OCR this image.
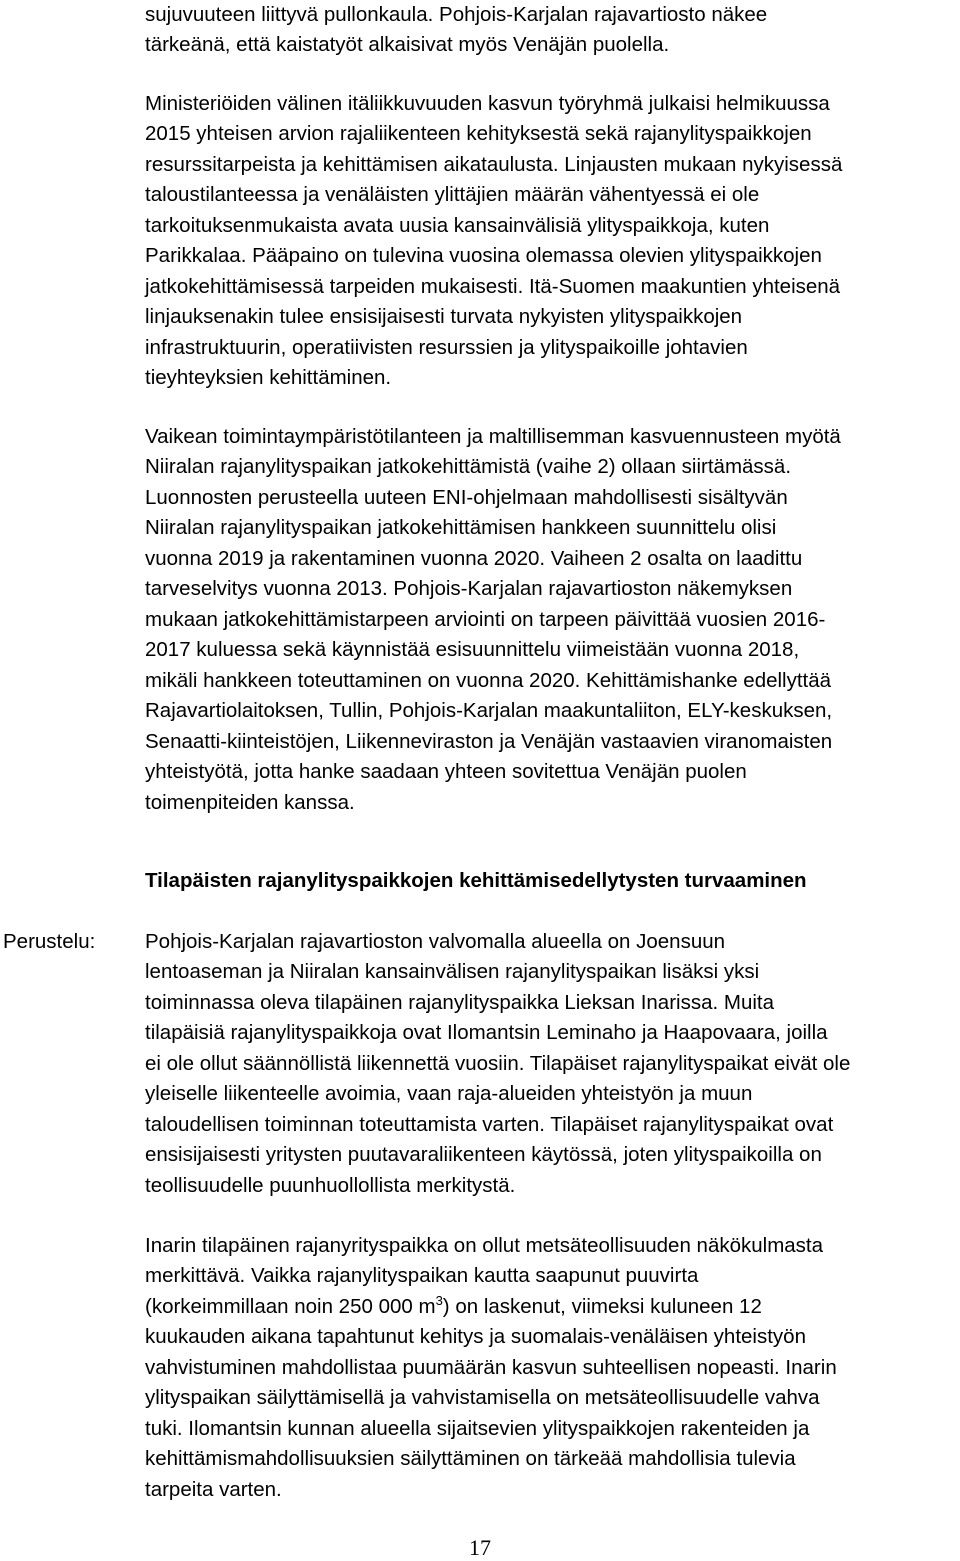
sujuvuuteen liittyvä pullonkaula. Pohjois-Karjalan rajavartiosto näkee

tärkeänä, että kaistatyöt alkaisivat myös Venäjän puolella.

Ministeriöiden välinen itäliikkuvuuden kasvun työryhmä julkaisi helmikuussa

2015 yhteisen arvion rajaliikenteen kehityksestä sekä rajanylityspaikkojen

resurssitarpeista ja kehittämisen aikataulusta. Linjausten mukaan nykyisessä

taloustilanteessa ja venäläisten ylittäjien määrän vähentyessä ei ole

tarkoituksenmukaista avata uusia kansainvälisiä ylityspaikkoja, kuten

Parikkalaa. Pääpaino on tulevina vuosina olemassa olevien ylityspaikkojen

jatkokehittämisessä tarpeiden mukaisesti. Itä-Suomen maakuntien yhteisenä

linjauksenakin tulee ensisijaisesti turvata nykyisten ylityspaikkojen

infrastruktuurin, operatiivisten resurssien ja ylityspaikoille johtavien

tieyhteyksien kehittäminen.

Vaikean toimintaympäristötilanteen ja maltillisemman kasvuennusteen myötä

Niiralan rajanylityspaikan jatkokehittämistä (vaihe 2) ollaan siirtämässä.

Luonnosten perusteella uuteen ENI-ohjelmaan mahdollisesti sisältyvän

Niiralan rajanylityspaikan jatkokehittämisen hankkeen suunnittelu olisi

vuonna 2019 ja rakentaminen vuonna 2020. Vaiheen 2 osalta on laadittu

tarveselvitys vuonna 2013. Pohjois-Karjalan rajavartioston näkemyksen

mukaan jatkokehittämistarpeen arviointi on tarpeen päivittää vuosien 2016-

2017 kuluessa sekä käynnistää esisuunnittelu viimeistään vuonna 2018,

mikäli hankkeen toteuttaminen on vuonna 2020. Kehittämishanke edellyttää

Rajavartiolaitoksen, Tullin, Pohjois-Karjalan maakuntaliiton, ELY-keskuksen,

Senaatti-kiinteistöjen, Liikenneviraston ja Venäjän vastaavien viranomaisten

yhteistyötä, jotta hanke saadaan yhteen sovitettua Venäjän puolen

toimenpiteiden kanssa.

Tilapäisten rajanylityspaikkojen kehittämisedellytysten turvaaminen
Perustelu: Pohjois-Karjalan rajavartioston valvomalla alueella on Joensuun

lentoaseman ja Niiralan kansainvälisen rajanylityspaikan lisäksi yksi

toiminnassa oleva tilapäinen rajanylityspaikka Lieksan Inarissa. Muita

tilapäisiä rajanylityspaikkoja ovat Ilomantsin Leminaho ja Haapovaara, joilla

ei ole ollut säännöllistä liikennettä vuosiin. Tilapäiset rajanylityspaikat eivät ole

yleiselle liikenteelle avoimia, vaan raja-alueiden yhteistyön ja muun

taloudellisen toiminnan toteuttamista varten. Tilapäiset rajanylityspaikat ovat

ensisijaisesti yritysten puutavaraliikenteen käytössä, joten ylityspaikoilla on

teollisuudelle puunhuollollista merkitystä.

Inarin tilapäinen rajanyrityspaikka on ollut metsäteollisuuden näkökulmasta

merkittävä. Vaikka rajanylityspaikan kautta saapunut puuvirta

(korkeimmillaan noin 250 000 $m^3$) on laskenut, viimeksi kuluneen 12

kuukauden aikana tapahtunut kehitys ja suomalais-venäläisen yhteistyön

vahvistuminen mahdollistaa puumäärän kasvun suhteellisen nopeasti. Inarin

ylityspaikan säilyttämisellä ja vahvistamisella on metsäteollisuudelle vahva

tuki. Ilomantsin kunnan alueella sijaitsevien ylityspaikkojen rakenteiden ja

kehittämismahdollisuuksien säilyttäminen on tärkeää mahdollisia tulevia

tarpeita varten.

17
